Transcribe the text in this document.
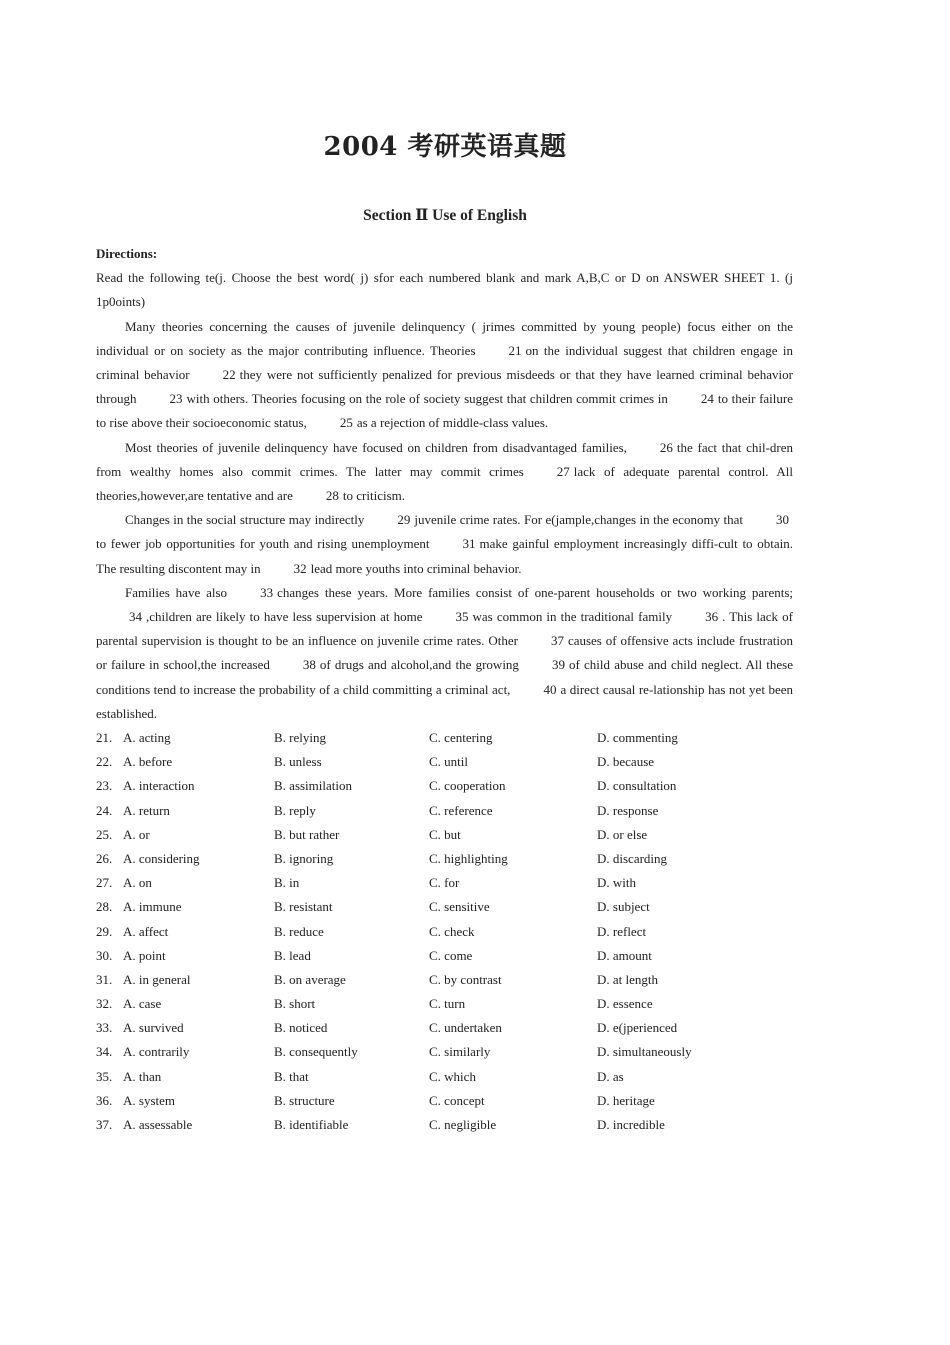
2004 考研英语真题
Section Ⅱ Use of English

Directions:

Read the following te(j. Choose the best word( j) sfor each numbered blank and mark A,B,C or D on ANSWER SHEET 1. (j 1p0oints)

Many theories concerning the causes of juvenile delinquency ( jrimes committed by young people) focus either on the individual or on society as the major contributing influence. Theories	21 on the individual suggest that children engage in criminal behavior	22 they were not sufficiently penalized for previous misdeeds or that they have learned criminal behavior through	23 with others. Theories focusing on the role of society suggest that children commit crimes in	24 to their failure to rise above their socioeconomic status,	25 as a rejection of middle-class values.

Most theories of juvenile delinquency have focused on children from disadvantaged families,	26 the fact that chil-dren from wealthy homes also commit crimes. The latter may commit crimes	27 lack of adequate parental control. All theories,however,are tentative and are	28 to criticism.

Changes in the social structure may indirectly	29 juvenile crime rates. For e(jample,changes in the economy that	30to fewer job opportunities for youth and rising unemployment	31 make gainful employment increasingly diffi-cult to obtain. The resulting discontent may in	32 lead more youths into criminal behavior.

Families have also	33 changes these years. More families consist of one-parent households or two working parents;34 ,children are likely to have less supervision at home	35 was common in the traditional family	36 . This lack of parental supervision is thought to be an influence on juvenile crime rates. Other	37 causes of offensive acts include frustration or failure in school,the increased	38 of drugs and alcohol,and the growing	39 of child abuse and child neglect. All these conditions tend to increase the probability of a child committing a criminal act,	40 a direct causal re-lationship has not yet been established.

21. A. acting	B. relying	C. centering	D. commenting
22. A. before	B. unless	C. until	D. because
23. A. interaction	B. assimilation	C. cooperation	D. consultation
24. A. return	B. reply	C. reference	D. response
25. A. or	B. but rather	C. but	D. or else
26. A. considering	B. ignoring	C. highlighting	D. discarding
27. A. on	B. in	C. for	D. with
28. A. immune	B. resistant	C. sensitive	D. subject
29. A. affect	B. reduce	C. check	D. reflect
30. A. point	B. lead	C. come	D. amount
31. A. in general	B. on average	C. by contrast	D. at length
32. A. case	B. short	C. turn	D. essence
33. A. survived	B. noticed	C. undertaken	D. e(jperienced
34. A. contrarily	B. consequently	C. similarly	D. simultaneously
35. A. than	B. that	C. which	D. as
36. A. system	B. structure	C. concept	D. heritage
37. A. assessable	B. identifiable	C. negligible	D. incredible
